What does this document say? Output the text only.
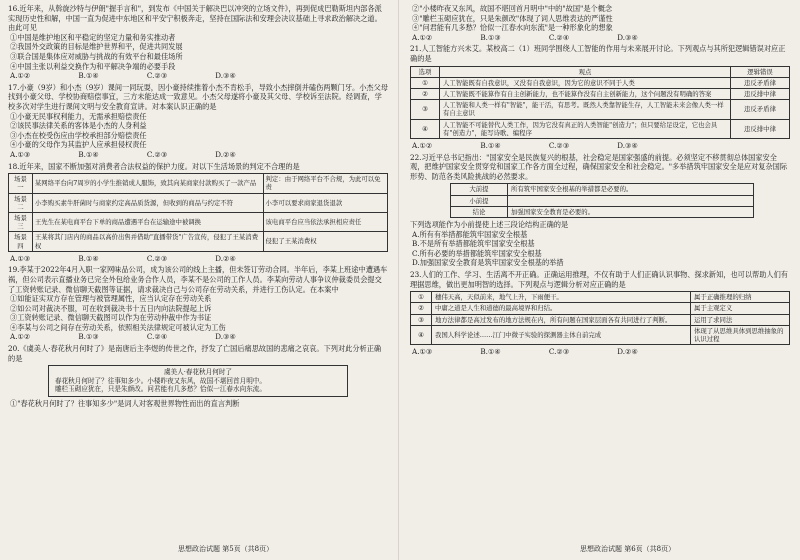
16.近年来，从斡旋沙特与伊朗"握手言和"，到发布《中国关于解决巴以冲突的立场文件》，再到促成巴勒斯坦内部各派实现历史性和解，中国一直为促进中东地区和平安宁积极奔走，坚持在国际法和安理会决议基础上寻求政治解决之道。由此可见
①中国是维护地区和平稳定的坚定力量和务实推动者
②我国外交政策的目标是维护世界和平，促进共同发展
③联合国是集体应对威胁与挑战的有效平台和最佳场所
④中国主张以利益交换作为和平解决争端的必要手段
A.①②	B.①④	C.②③	D.③④
17.小豪（9岁）和小杰（9岁）课间一同玩耍，因小豪持续推着小杰不肯松手，导致小杰摔倒并磕伤两颗门牙。小杰父母找到小豪父母、学校协商赔偿事宜，三方未能达成一致意见。小杰父母遂将小豪及其父母、学校诉至法院。经调查，学校多次对学生进行课间文明与安全教育宣讲。对本案认识正确的是
①小豪无民事权利能力，无需承担赔偿责任
②该民事法律关系的客体是小杰的人身利益
③小杰在校受伤应由学校承担部分赔偿责任
④小豪的父母作为其监护人应承担侵权责任
A.①③	B.①④	C.②③	D.②④
18.近年来，国家不断加强对消费者合法权益的保护力度。对以下生活场景的判定不合理的是
场景一	某网络平台向7周岁的小学生推销成人服饰，致其向某商家付款购买了一款产品	判定：由于网络平台不合规，为此可以免责
场景二	小李购买素牛肝菌时与商家约定高品质货源，但收到的商品与约定不符	小李可以要求商家退货退款
场景三	王先生在某电商平台下单的商品遭遇平台在运输途中被调换	该电商平台应当依法承担相应责任
场景四	王某将其门店内的商品以高价出售并借助"直播带货"广告宣传，侵犯了王某消费权	侵犯了王某消费权
A.①③	B.①④	C.②③	D.②④
19.李某于2022年4月入职一家网味品公司，成为该公司的线上主播，但未签订劳动合同。半年后，李某上班途中遭遇车祸，但公司表示直播业务已完全外包给业务合作人员，李某不是公司的工作人员。李某向劳动人事争议仲裁委员会提交了工资转账记录、微信聊天截图等证据，请求裁决自己与公司存在劳动关系，并进行工伤认定。在本案中
①如能证实双方存在管理与被管理属性，应当认定存在劳动关系
②如公司对裁决不服，可在收到裁决书十五日内向法院提起上诉
③工资转账记录、微信聊天截图可以作为在劳动仲裁中作为书证
④李某与公司之间存在劳动关系，依照相关法律规定可被认定为工伤
A.①②	B.①③	C.②④	D.③④
20.《虞美人·春花秋月何时了》是南唐后主李煜的传世之作，抒发了亡国后痛思故国的悲痛之哀哀。下列对此分析正确的是
虞美人·春花秋月何时了
春花秋月何时了？往事知多少。小楼昨夜又东风，故国不堪回首月明中。
雕栏玉砌应犹在，只是朱颜改。问君能有几多愁？恰似一江春水向东流。
①"春花秋月何时了？往事知多少"是词人对客观世界物性而出的直言判断
思想政治试题 第5页（共8页）
②"小楼昨夜又东风，故国不堪回首月明中"中的"故国"是个概念
③"雕栏玉砌应犹在，只是朱颜改"体现了词人思维表达的严谨性
④"问君能有几多愁？恰似一江春水向东流"是一种形象化的想象
A.①②	B.①③	C.②④	D.③④
21.人工智能方兴未艾。某校高二（1）班同学围绕人工智能的作用与未来展开讨论。下列观点与其所犯逻辑错误对应正确的是
选项	观点	逻辑错误
①	人工智能既有自我意识，又没有自我意识，因为它的意识不同于人类	违反矛盾律
②	人工智能既不能算作有自主创新能力，也不能算作没有自主创新能力，这个问题没有明确的答案	违反排中律
③	人工智能和人类一样有"智能"，能干活，有思考。既然人类靠智能生存，人工智能未来会像人类一样有自主意识	违反矛盾律
④	人工智能不可能替代人类工作，因为它没有真正的人类智能"创造力"；但只要给足设定，它也会具有"创造力"，能写诗歌、编程序	违反排中律
A.①②	B.①④	C.②③	D.③④
22.习近平总书记指出："国家安全是民族复兴的根基，社会稳定是国家强盛的前提。必须坚定不移贯彻总体国家安全观，把维护国家安全贯穿党和国家工作各方面全过程，确保国家安全和社会稳定。"多举措筑牢国家安全是应对复杂国际形势、防范各类风险挑战的必然要求。
大前提	所有筑牢国家安全根基的举措都是必要的。
小前提	
结论	加强国家安全教育是必要的。
下列选项能作为小前提使上述三段论结构正确的是
A.所有有举措都能筑牢国家安全根基
B.不是所有举措都能筑牢国家安全根基
C.所有必要的举措都能筑牢国家安全根基
D.加强国家安全教育是筑牢国家安全根基的举措
23.人们的工作、学习、生活离不开正确。正确运用推理，不仅有助于人们正确认识事物、探求新知，也可以帮助人们有理据思维，做出更加明智的选择。下列观点与逻辑分析对应正确的是
①	穗伟天高，天似前来，地气上升，下雨便干。	属于正确推理的归纳
②	中庸之道是人生和道德的最高境界和归结。	属于主观定义
③	地方法律都是高过发布的地方法规在内，所有问题在国家层面各有共同进行了判断。	运用了求同法
④	我国人科学论述……江门中微子实验的探测器主体自前完成	体现了从思维具体到思维抽象的认识过程
A.①③	B.①④	C.②③	D.②④
思想政治试题 第6页（共8页）
